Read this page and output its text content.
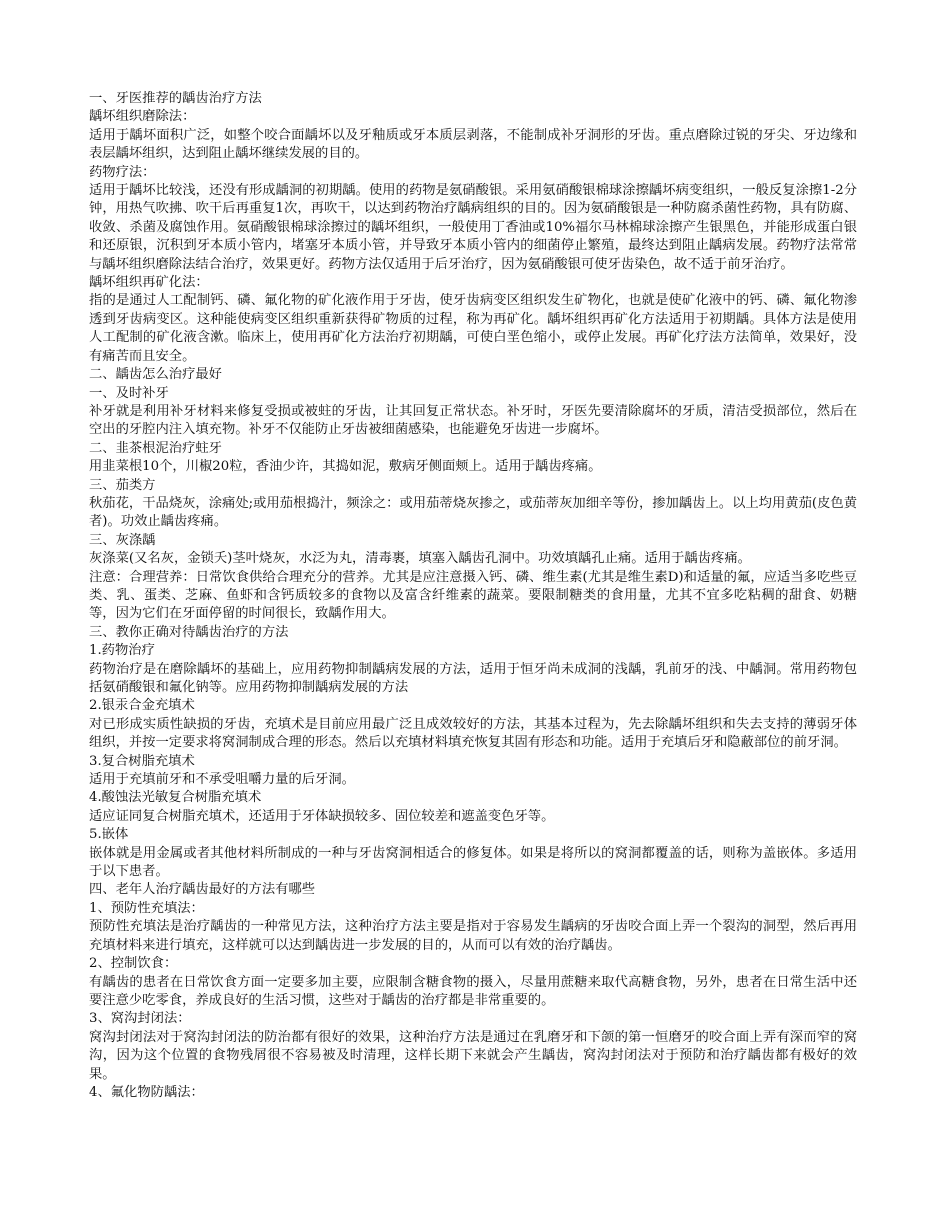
一、牙医推荐的龋齿治疗方法

龋坏组织磨除法：

适用于龋坏面积广泛，如整个咬合面龋坏以及牙釉质或牙本质层剥落，不能制成补牙洞形的牙齿。重点磨除过锐的牙尖、牙边缘和表层龋坏组织，达到阻止龋坏继续发展的目的。

药物疗法：

适用于龋坏比较浅，还没有形成龋洞的初期龋。使用的药物是氨硝酸银。采用氨硝酸银棉球涂擦龋坏病变组织，一般反复涂擦1-2分钟，用热气吹拂、吹干后再重复1次，再吹干，以达到药物治疗龋病组织的目的。因为氨硝酸银是一种防腐杀菌性药物，具有防腐、收敛、杀菌及腐蚀作用。氨硝酸银棉球涂擦过的龋坏组织，一般使用丁香油或10%福尔马林棉球涂擦产生银黑色，并能形成蛋白银和还原银，沉积到牙本质小管内，堵塞牙本质小管，并导致牙本质小管内的细菌停止繁殖，最终达到阻止龋病发展。药物疗法常常与龋坏组织磨除法结合治疗，效果更好。药物方法仅适用于后牙治疗，因为氨硝酸银可使牙齿染色，故不适于前牙治疗。

龋坏组织再矿化法：

指的是通过人工配制钙、磷、氟化物的矿化液作用于牙齿，使牙齿病变区组织发生矿物化，也就是使矿化液中的钙、磷、氟化物渗透到牙齿病变区。这种能使病变区组织重新获得矿物质的过程，称为再矿化。龋坏组织再矿化方法适用于初期龋。具体方法是使用人工配制的矿化液含漱。临床上，使用再矿化方法治疗初期龋，可使白垩色缩小，或停止发展。再矿化疗法方法简单，效果好，没有痛苦而且安全。

二、龋齿怎么治疗最好

一、及时补牙

补牙就是利用补牙材料来修复受损或被蛀的牙齿，让其回复正常状态。补牙时，牙医先要清除腐坏的牙质，清洁受损部位，然后在空出的牙腔内注入填充物。补牙不仅能防止牙齿被细菌感染，也能避免牙齿进一步腐坏。

二、韭茶根泥治疗蛀牙

用韭菜根10个，川椒20粒，香油少许，其捣如泥，敷病牙侧面颊上。适用于龋齿疼痛。

三、茄类方

秋茄花，干品烧灰，涂痛处;或用茄根捣汁，频涂之：或用茄蒂烧灰掺之，或茄蒂灰加细辛等份，掺加龋齿上。以上均用黄茄(皮色黄者)。功效止龋齿疼痛。

三、灰涤龋

灰涤菜(又名灰，金锁夭)茎叶烧灰，水泛为丸，清毒裹，填塞入龋齿孔洞中。功效填龋孔止痛。适用于龋齿疼痛。

注意：合理营养：日常饮食供给合理充分的营养。尤其是应注意摄入钙、磷、维生素(尤其是维生素D)和适量的氟，应适当多吃些豆类、乳、蛋类、芝麻、鱼虾和含钙质较多的食物以及富含纤维素的蔬菜。要限制糖类的食用量，尤其不宜多吃粘稠的甜食、奶糖等，因为它们在牙面停留的时间很长，致龋作用大。

三、教你正确对待龋齿治疗的方法

1.药物治疗

药物治疗是在磨除龋坏的基础上，应用药物抑制龋病发展的方法，适用于恒牙尚未成洞的浅龋，乳前牙的浅、中龋洞。常用药物包括氨硝酸银和氟化钠等。应用药物抑制龋病发展的方法

2.银汞合金充填术

对已形成实质性缺损的牙齿，充填术是目前应用最广泛且成效较好的方法，其基本过程为，先去除龋坏组织和失去支持的薄弱牙体组织，并按一定要求将窝洞制成合理的形态。然后以充填材料填充恢复其固有形态和功能。适用于充填后牙和隐蔽部位的前牙洞。

3.复合树脂充填术

适用于充填前牙和不承受咀嚼力量的后牙洞。

4.酸蚀法光敏复合树脂充填术

适应证同复合树脂充填术，还适用于牙体缺损较多、固位较差和遮盖变色牙等。

5.嵌体

嵌体就是用金属或者其他材料所制成的一种与牙齿窝洞相适合的修复体。如果是将所以的窝洞都覆盖的话，则称为盖嵌体。多适用于以下患者。

四、老年人治疗龋齿最好的方法有哪些

1、预防性充填法：

预防性充填法是治疗龋齿的一种常见方法，这种治疗方法主要是指对于容易发生龋病的牙齿咬合面上弄一个裂沟的洞型，然后再用充填材料来进行填充，这样就可以达到龋齿进一步发展的目的，从而可以有效的治疗龋齿。

2、控制饮食：

有龋齿的患者在日常饮食方面一定要多加主要，应限制含糖食物的摄入，尽量用蔗糖来取代高糖食物，另外，患者在日常生活中还要注意少吃零食，养成良好的生活习惯，这些对于龋齿的治疗都是非常重要的。

3、窝沟封闭法：

窝沟封闭法对于窝沟封闭法的防治都有很好的效果，这种治疗方法是通过在乳磨牙和下颌的第一恒磨牙的咬合面上弄有深而窄的窝沟，因为这个位置的食物残屑很不容易被及时清理，这样长期下来就会产生龋齿，窝沟封闭法对于预防和治疗龋齿都有极好的效果。

4、氟化物防龋法：
